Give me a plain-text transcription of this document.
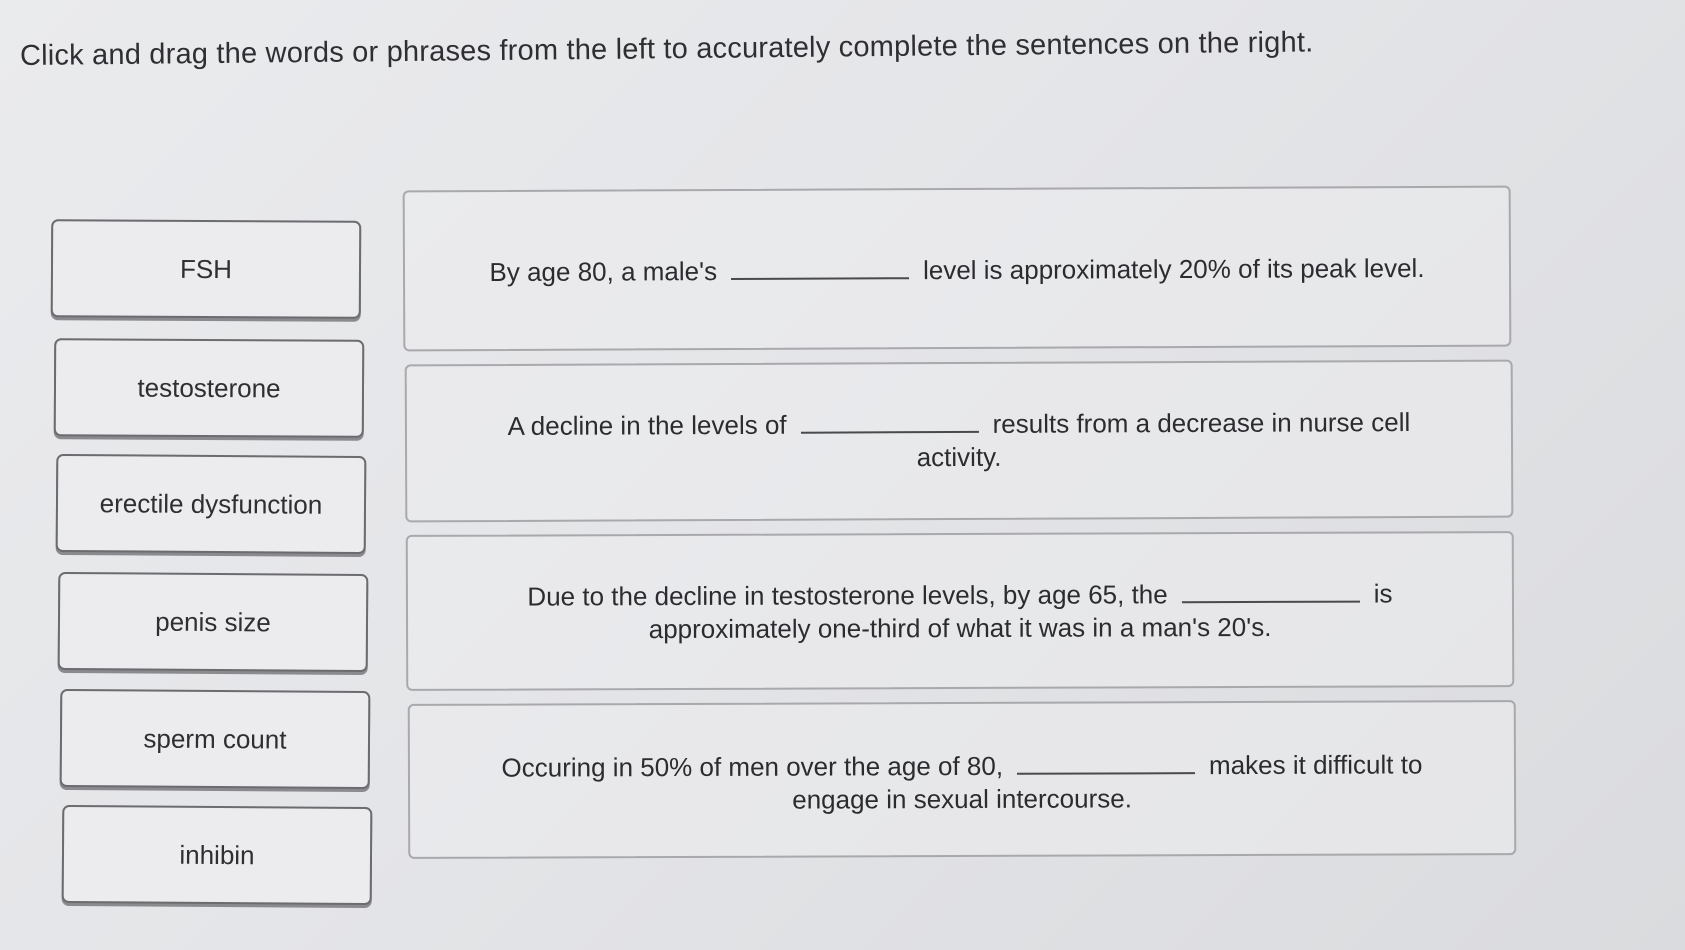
Click and drag the words or phrases from the left to accurately complete the sentences on the right.
FSH
testosterone
erectile dysfunction
penis size
sperm count
inhibin
By age 80, a male's	level is approximately 20% of its peak level.
A decline in the levels of	results from a decrease in nurse cell activity.
Due to the decline in testosterone levels, by age 65, the	is approximately one-third of what it was in a man's 20's.
Occuring in 50% of men over the age of 80,	makes it difficult to engage in sexual intercourse.
